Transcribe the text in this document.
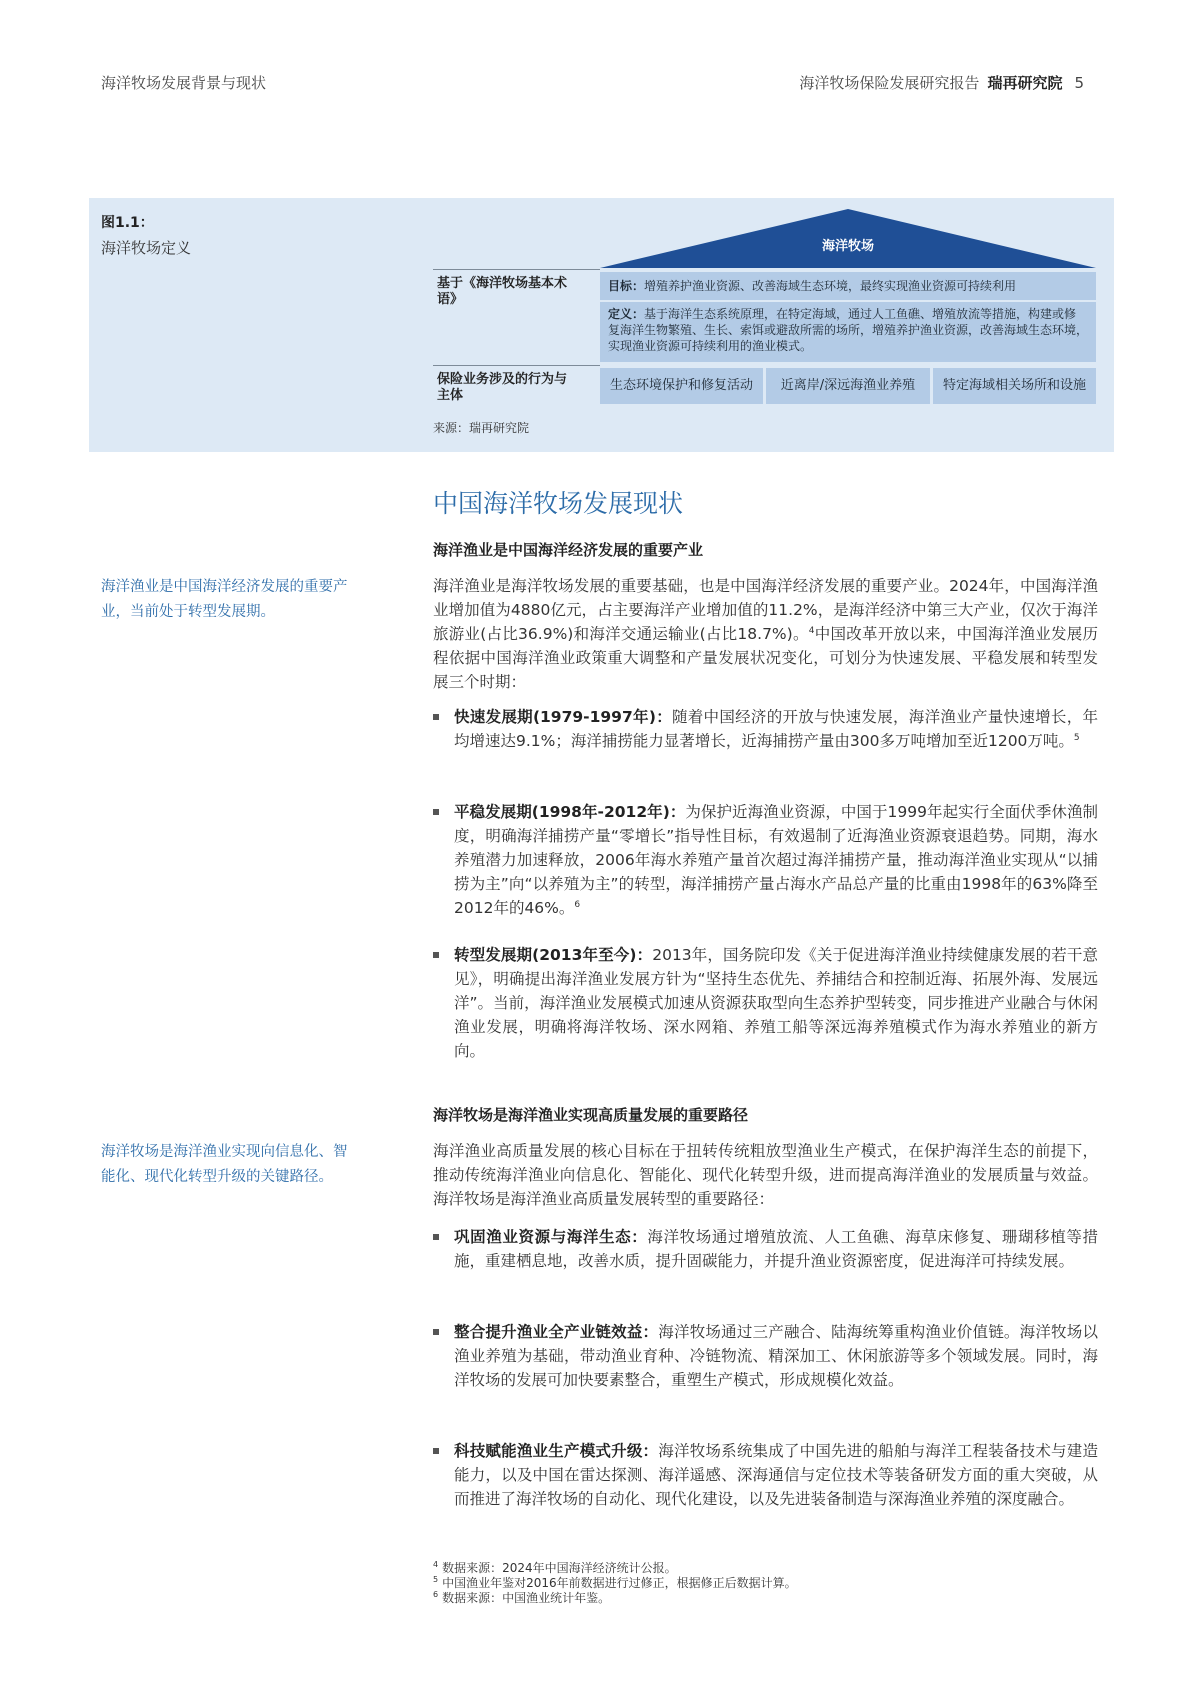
海洋牧场发展背景与现状	海洋牧场保险发展研究报告 瑞再研究院 5
图1.1：
海洋牧场定义	海洋牧场
基于《海洋牧场基本术语》
目标：增殖养护渔业资源、改善海域生态环境，最终实现渔业资源可持续利用
定义：基于海洋生态系统原理，在特定海域，通过人工鱼礁、增殖放流等措施，构建或修复海洋生物繁殖、生长、索饵或避敌所需的场所，增殖养护渔业资源，改善海域生态环境，实现渔业资源可持续利用的渔业模式。
保险业务涉及的行为与主体
生态环境保护和修复活动	近离岸/深远海渔业养殖	特定海域相关场所和设施
来源：瑞再研究院
中国海洋牧场发展现状
海洋渔业是中国海洋经济发展的重要产业
海洋渔业是中国海洋经济发展的重要产业，当前处于转型发展期。
海洋渔业是海洋牧场发展的重要基础，也是中国海洋经济发展的重要产业。2024年，中国海洋渔业增加值为4880亿元，占主要海洋产业增加值的11.2%，是海洋经济中第三大产业，仅次于海洋旅游业(占比36.9%)和海洋交通运输业(占比18.7%)。$^4$中国改革开放以来，中国海洋渔业发展历程依据中国海洋渔业政策重大调整和产量发展状况变化，可划分为快速发展、平稳发展和转型发展三个时期：
快速发展期(1979-1997年)：随着中国经济的开放与快速发展，海洋渔业产量快速增长，年均增速达9.1%；海洋捕捞能力显著增长，近海捕捞产量由300多万吨增加至近1200万吨。$^5$
平稳发展期(1998年-2012年)：为保护近海渔业资源，中国于1999年起实行全面伏季休渔制度，明确海洋捕捞产量“零增长”指导性目标，有效遏制了近海渔业资源衰退趋势。同期，海水养殖潜力加速释放，2006年海水养殖产量首次超过海洋捕捞产量，推动海洋渔业实现从“以捕捞为主”向“以养殖为主”的转型，海洋捕捞产量占海水产品总产量的比重由1998年的63%降至2012年的46%。$^6$
转型发展期(2013年至今)：2013年，国务院印发《关于促进海洋渔业持续健康发展的若干意见》，明确提出海洋渔业发展方针为“坚持生态优先、养捕结合和控制近海、拓展外海、发展远洋”。当前，海洋渔业发展模式加速从资源获取型向生态养护型转变，同步推进产业融合与休闲渔业发展，明确将海洋牧场、深水网箱、养殖工船等深远海养殖模式作为海水养殖业的新方向。
海洋牧场是海洋渔业实现高质量发展的重要路径
海洋牧场是海洋渔业实现向信息化、智能化、现代化转型升级的关键路径。
海洋渔业高质量发展的核心目标在于扭转传统粗放型渔业生产模式，在保护海洋生态的前提下，推动传统海洋渔业向信息化、智能化、现代化转型升级，进而提高海洋渔业的发展质量与效益。海洋牧场是海洋渔业高质量发展转型的重要路径：
巩固渔业资源与海洋生态：海洋牧场通过增殖放流、人工鱼礁、海草床修复、珊瑚移植等措施，重建栖息地，改善水质，提升固碳能力，并提升渔业资源密度，促进海洋可持续发展。
整合提升渔业全产业链效益：海洋牧场通过三产融合、陆海统筹重构渔业价值链。海洋牧场以渔业养殖为基础，带动渔业育种、冷链物流、精深加工、休闲旅游等多个领域发展。同时，海洋牧场的发展可加快要素整合，重塑生产模式，形成规模化效益。
科技赋能渔业生产模式升级：海洋牧场系统集成了中国先进的船舶与海洋工程装备技术与建造能力，以及中国在雷达探测、海洋遥感、深海通信与定位技术等装备研发方面的重大突破，从而推进了海洋牧场的自动化、现代化建设，以及先进装备制造与深海渔业养殖的深度融合。
$^4$ 数据来源：2024年中国海洋经济统计公报。
$^5$ 中国渔业年鉴对2016年前数据进行过修正，根据修正后数据计算。
$^6$ 数据来源：中国渔业统计年鉴。
